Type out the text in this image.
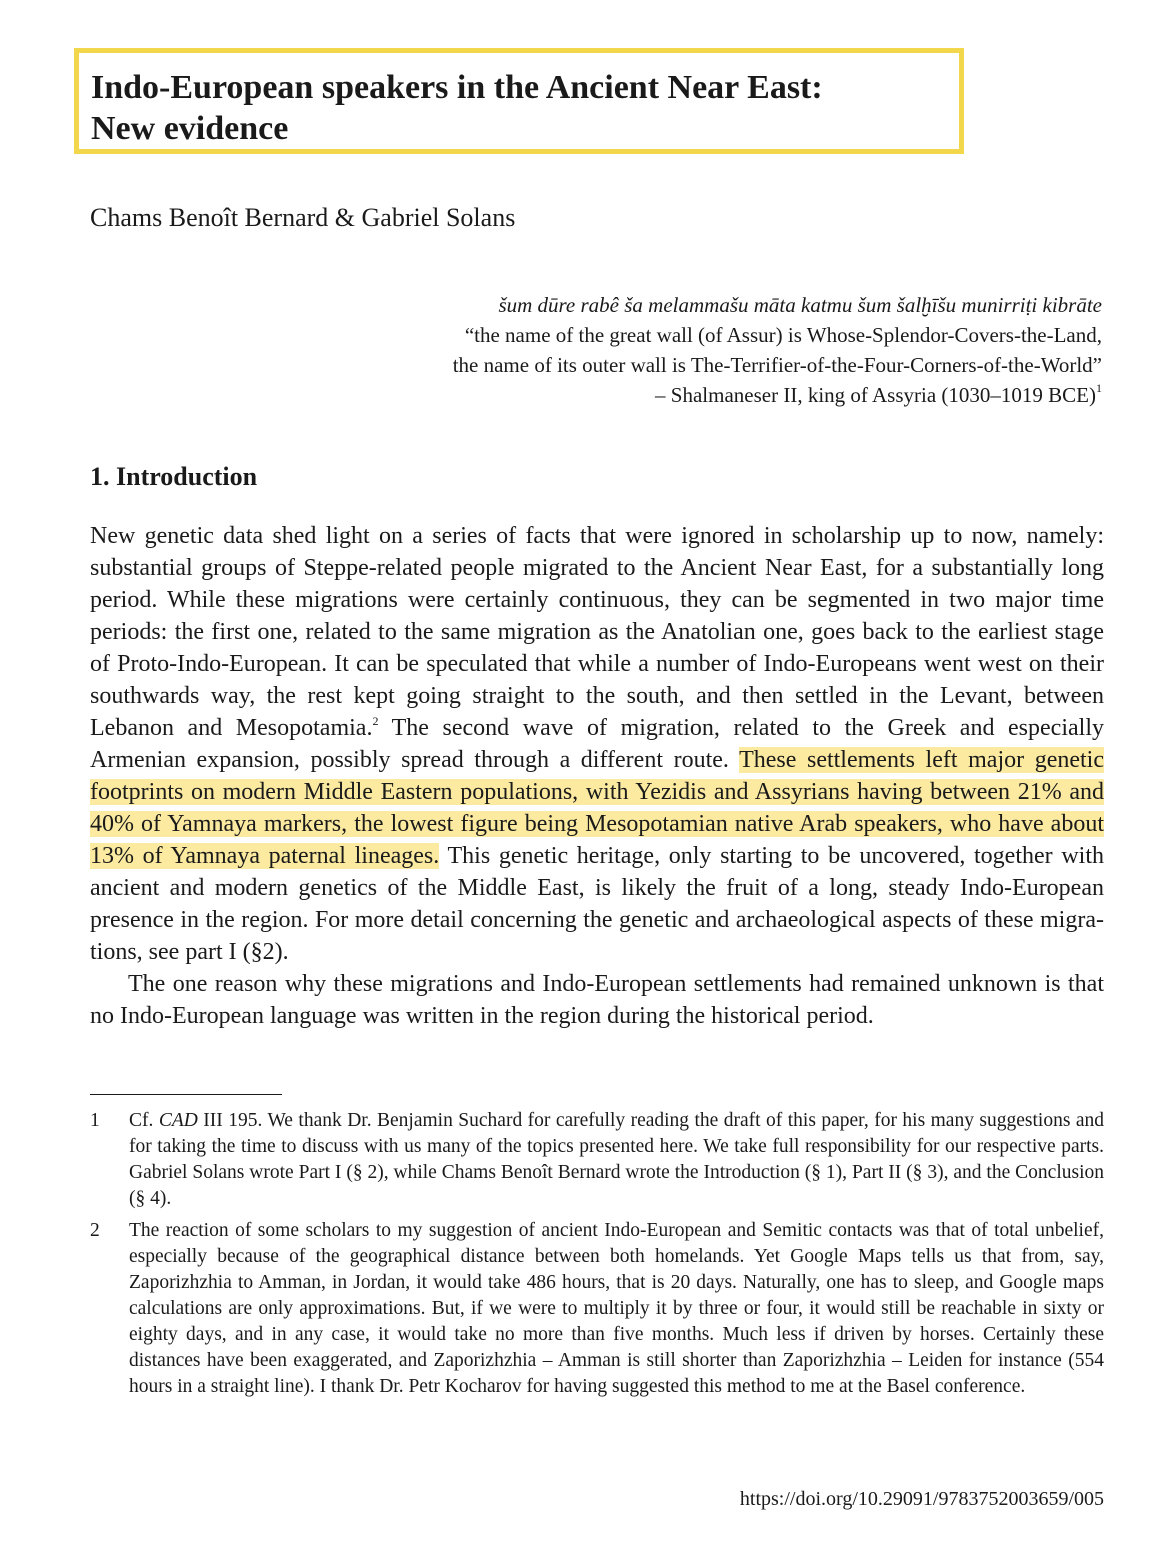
Indo-European speakers in the Ancient Near East:
New evidence
Chams Benoît Bernard & Gabriel Solans
šum dūre rabê ša melammašu māta katmu šum šalḫīšu munirriṭi kibrāte
“the name of the great wall (of Assur) is Whose-Splendor-Covers-the-Land,
the name of its outer wall is The-Terrifier-of-the-Four-Corners-of-the-World”
– Shalmaneser II, king of Assyria (1030–1019 BCE)$^1$
1. Introduction

New genetic data shed light on a series of facts that were ignored in scholarship up to now, namely: substantial groups of Steppe-related people migrated to the Ancient Near East, for a substantially long period. While these migrations were certainly continuous, they can be segmented in two major time periods: the first one, related to the same migration as the Anatolian one, goes back to the earliest stage of Proto-Indo-European. It can be speculated that while a number of Indo-Europeans went west on their southwards way, the rest kept going straight to the south, and then settled in the Levant, between Lebanon and Mesopotamia.$^2$ The second wave of migration, related to the Greek and especially Armenian expansion, possibly spread through a different route. These settlements left major genetic footprints on modern Middle Eastern populations, with Yezidis and Assyrians having between 21% and 40% of Yamnaya markers, the lowest figure being Mesopotamian native Arab speakers, who have about 13% of Yamnaya paternal lineages. This genetic heritage, only starting to be uncovered, together with ancient and modern genetics of the Middle East, is likely the fruit of a long, steady Indo-European presence in the region. For more detail concerning the genetic and archaeological aspects of these migrations, see part I (§2).

The one reason why these migrations and Indo-European settlements had remained unknown is that no Indo-European language was written in the region during the historical period.

1 Cf. CAD III 195. We thank Dr. Benjamin Suchard for carefully reading the draft of this paper, for his many suggestions and for taking the time to discuss with us many of the topics presented here. We take full responsibility for our respective parts. Gabriel Solans wrote Part I (§ 2), while Chams Benoît Bernard wrote the Introduction (§ 1), Part II (§ 3), and the Conclusion (§ 4).

2 The reaction of some scholars to my suggestion of ancient Indo-European and Semitic contacts was that of total unbelief, especially because of the geographical distance between both homelands. Yet Google Maps tells us that from, say, Zaporizhzhia to Amman, in Jordan, it would take 486 hours, that is 20 days. Naturally, one has to sleep, and Google maps calculations are only approximations. But, if we were to multiply it by three or four, it would still be reachable in sixty or eighty days, and in any case, it would take no more than five months. Much less if driven by horses. Certainly these distances have been exaggerated, and Zaporizhzhia – Amman is still shorter than Zaporizhzhia – Leiden for instance (554 hours in a straight line). I thank Dr. Petr Kocharov for having suggested this method to me at the Basel conference.

https://doi.org/10.29091/9783752003659/005
